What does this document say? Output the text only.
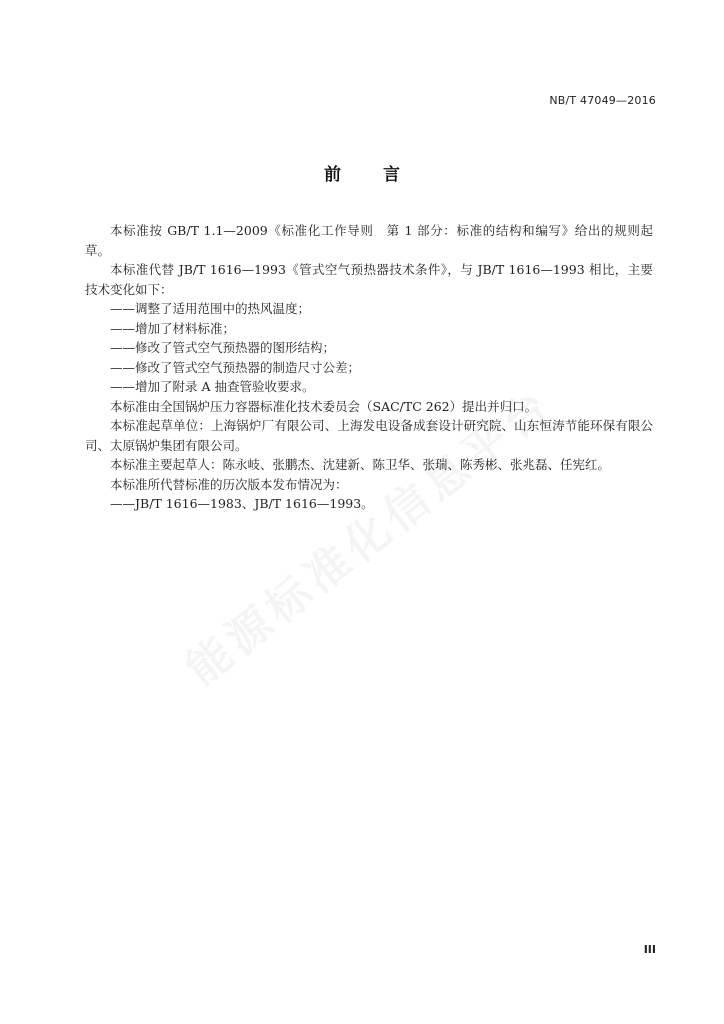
NB/T 47049—2016
前言

本标准按 GB/T 1.1—2009《标准化工作导则　第 1 部分：标准的结构和编写》给出的规则起草。

本标准代替 JB/T 1616—1993《管式空气预热器技术条件》，与 JB/T 1616—1993 相比，主要技术变化如下：

——调整了适用范围中的热风温度；

——增加了材料标准；

——修改了管式空气预热器的图形结构；

——修改了管式空气预热器的制造尺寸公差；

——增加了附录 A 抽查管验收要求。

本标准由全国锅炉压力容器标准化技术委员会（SAC/TC 262）提出并归口。

本标准起草单位：上海锅炉厂有限公司、上海发电设备成套设计研究院、山东恒涛节能环保有限公司、太原锅炉集团有限公司。

本标准主要起草人：陈永岐、张鹏杰、沈建新、陈卫华、张瑞、陈秀彬、张兆磊、任宪红。

本标准所代替标准的历次版本发布情况为：

——JB/T 1616—1983、JB/T 1616—1993。

III
